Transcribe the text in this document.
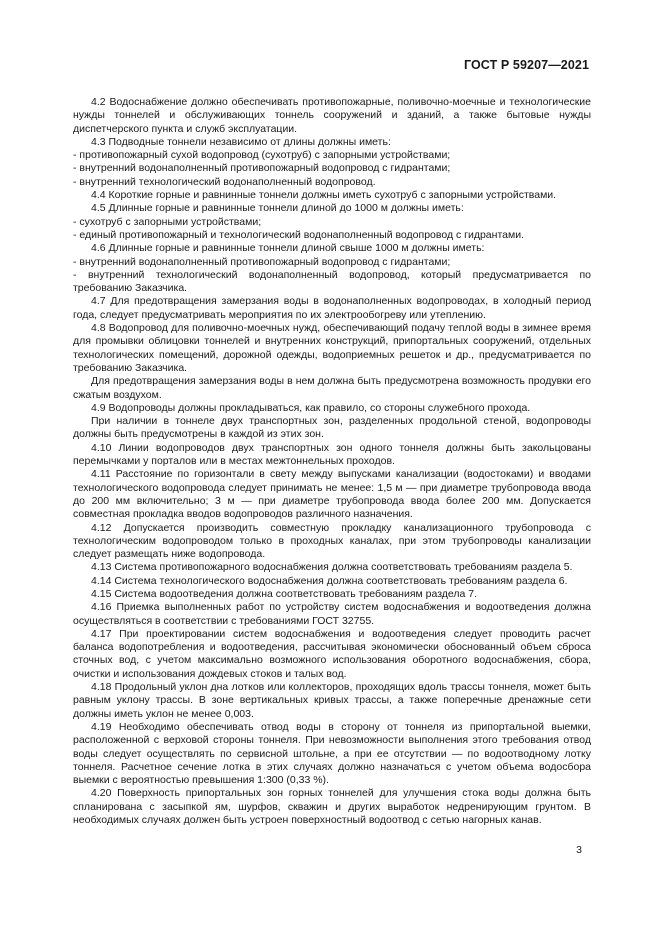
ГОСТ Р 59207—2021

4.2 Водоснабжение должно обеспечивать противопожарные, поливочно-моечные и технологические нужды тоннелей и обслуживающих тоннель сооружений и зданий, а также бытовые нужды диспетчерского пункта и служб эксплуатации.

4.3 Подводные тоннели независимо от длины должны иметь:

- противопожарный сухой водопровод (сухотруб) с запорными устройствами;

- внутренний водонаполненный противопожарный водопровод с гидрантами;

- внутренний технологический водонаполненный водопровод.

4.4 Короткие горные и равнинные тоннели должны иметь сухотруб с запорными устройствами.

4.5 Длинные горные и равнинные тоннели длиной до 1000 м должны иметь:

- сухотруб с запорными устройствами;

- единый противопожарный и технологический водонаполненный водопровод с гидрантами.

4.6 Длинные горные и равнинные тоннели длиной свыше 1000 м должны иметь:

- внутренний водонаполненный противопожарный водопровод с гидрантами;

- внутренний технологический водонаполненный водопровод, который предусматривается по требованию Заказчика.

4.7 Для предотвращения замерзания воды в водонаполненных водопроводах, в холодный период года, следует предусматривать мероприятия по их электрообогреву или утеплению.

4.8 Водопровод для поливочно-моечных нужд, обеспечивающий подачу теплой воды в зимнее время для промывки облицовки тоннелей и внутренних конструкций, припортальных сооружений, отдельных технологических помещений, дорожной одежды, водоприемных решеток и др., предусматривается по требованию Заказчика.

Для предотвращения замерзания воды в нем должна быть предусмотрена возможность продувки его сжатым воздухом.

4.9 Водопроводы должны прокладываться, как правило, со стороны служебного прохода.

При наличии в тоннеле двух транспортных зон, разделенных продольной стеной, водопроводы должны быть предусмотрены в каждой из этих зон.

4.10 Линии водопроводов двух транспортных зон одного тоннеля должны быть закольцованы перемычками у порталов или в местах межтоннельных проходов.

4.11 Расстояние по горизонтали в свету между выпусками канализации (водостоками) и вводами технологического водопровода следует принимать не менее: 1,5 м — при диаметре трубопровода ввода до 200 мм включительно; 3 м — при диаметре трубопровода ввода более 200 мм. Допускается совместная прокладка вводов водопроводов различного назначения.

4.12 Допускается производить совместную прокладку канализационного трубопровода с технологическим водопроводом только в проходных каналах, при этом трубопроводы канализации следует размещать ниже водопровода.

4.13 Система противопожарного водоснабжения должна соответствовать требованиям раздела 5.

4.14 Система технологического водоснабжения должна соответствовать требованиям раздела 6.

4.15 Система водоотведения должна соответствовать требованиям раздела 7.

4.16 Приемка выполненных работ по устройству систем водоснабжения и водоотведения должна осуществляться в соответствии с требованиями ГОСТ 32755.

4.17 При проектировании систем водоснабжения и водоотведения следует проводить расчет баланса водопотребления и водоотведения, рассчитывая экономически обоснованный объем сброса сточных вод, с учетом максимально возможного использования оборотного водоснабжения, сбора, очистки и использования дождевых стоков и талых вод.

4.18 Продольный уклон дна лотков или коллекторов, проходящих вдоль трассы тоннеля, может быть равным уклону трассы. В зоне вертикальных кривых трассы, а также поперечные дренажные сети должны иметь уклон не менее 0,003.

4.19 Необходимо обеспечивать отвод воды в сторону от тоннеля из припортальной выемки, расположенной с верховой стороны тоннеля. При невозможности выполнения этого требования отвод воды следует осуществлять по сервисной штольне, а при ее отсутствии — по водоотводному лотку тоннеля. Расчетное сечение лотка в этих случаях должно назначаться с учетом объема водосбора выемки с вероятностью превышения 1:300 (0,33 %).

4.20 Поверхность припортальных зон горных тоннелей для улучшения стока воды должна быть спланирована с засыпкой ям, шурфов, скважин и других выработок недренирующим грунтом. В необходимых случаях должен быть устроен поверхностный водоотвод с сетью нагорных канав.

3
